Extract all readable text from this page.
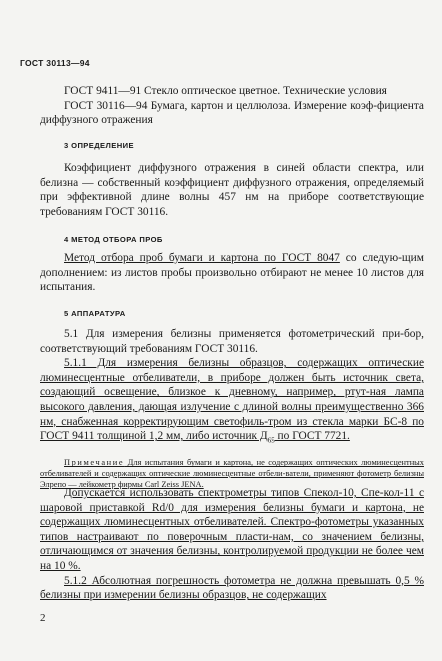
ГОСТ 30113—94

ГОСТ 9411—91 Стекло оптическое цветное. Технические условия

ГОСТ 30116—94 Бумага, картон и целлюлоза. Измерение коэф-фициента диффузного отражения

3 ОПРЕДЕЛЕНИЕ

Коэффициент диффузного отражения в синей области спектра, или белизна — собственный коэффициент диффузного отражения, определяемый при эффективной длине волны 457 нм на приборе соответствующие требованиям ГОСТ 30116.

4 МЕТОД ОТБОРА ПРОБ

Метод отбора проб бумаги и картона по ГОСТ 8047 со следую-щим дополнением: из листов пробы произвольно отбирают не менее 10 листов для испытания.

5 АППАРАТУРА

5.1 Для измерения белизны применяется фотометрический при-бор, соответствующий требованиям ГОСТ 30116.

5.1.1 Для измерения белизны образцов, содержащих оптические люминесцентные отбеливатели, в приборе должен быть источник света, создающий освещение, близкое к дневному, например, ртут-ная лампа высокого давления, дающая излучение с длиной волны преимущественно 366 нм, снабженная корректирующим светофиль-тром из стекла марки БС-8 по ГОСТ 9411 толщиной 1,2 мм, либо источник $Д_{65}$ по ГОСТ 7721.

Примечание Для испытания бумаги и картона, не содержащих оптических люминесцентных отбеливателей и содержащих оптические люминесцентные отбели-ватели, применяют фотометр белизны Элрепо — лейкометр фирмы Carl Zeiss JENA.

Допускается использовать спектрометры типов Спекол-10, Спе-кол-11 с шаровой приставкой Rd/0 для измерения белизны бумаги и картона, не содержащих люминесцентных отбеливателей. Спектро-фотометры указанных типов настраивают по поверочным пласти-нам, со значением белизны, отличающимся от значения белизны, контролируемой продукции не более чем на 10 %.

5.1.2 Абсолютная погрешность фотометра не должна превышать 0,5 % белизны при измерении белизны образцов, не содержащих

2
